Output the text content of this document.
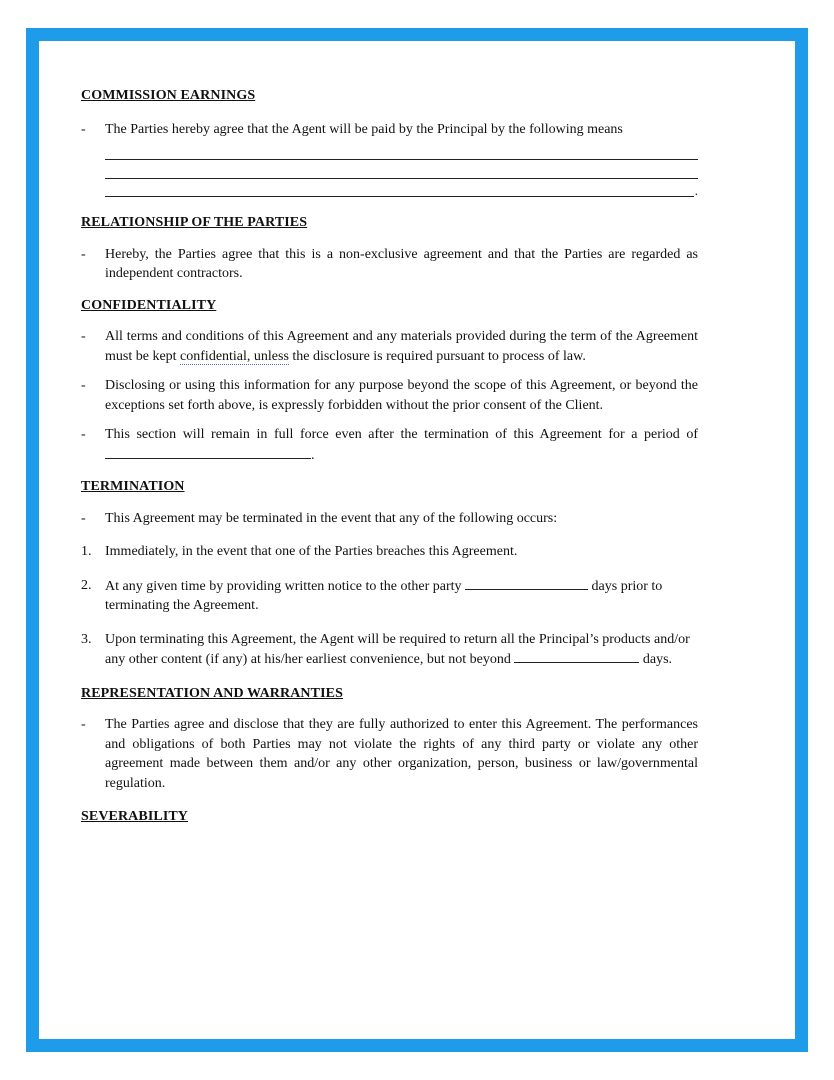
COMMISSION EARNINGS
- The Parties hereby agree that the Agent will be paid by the Principal by the following means
.
RELATIONSHIP OF THE PARTIES
- Hereby, the Parties agree that this is a non-exclusive agreement and that the Parties are regarded as independent contractors.
CONFIDENTIALITY
- All terms and conditions of this Agreement and any materials provided during the term of the Agreement must be kept confidential, unless the disclosure is required pursuant to process of law.
- Disclosing or using this information for any purpose beyond the scope of this Agreement, or beyond the exceptions set forth above, is expressly forbidden without the prior consent of the Client.
- This section will remain in full force even after the termination of this Agreement for a period of .
TERMINATION
- This Agreement may be terminated in the event that any of the following occurs:
1. Immediately, in the event that one of the Parties breaches this Agreement.
2. At any given time by providing written notice to the other party	days prior to terminating the Agreement.
3. Upon terminating this Agreement, the Agent will be required to return all the Principal’s products and/or any other content (if any) at his/her earliest convenience, but not beyond	days.
REPRESENTATION AND WARRANTIES
- The Parties agree and disclose that they are fully authorized to enter this Agreement. The performances and obligations of both Parties may not violate the rights of any third party or violate any other agreement made between them and/or any other organization, person, business or law/governmental regulation.
SEVERABILITY
